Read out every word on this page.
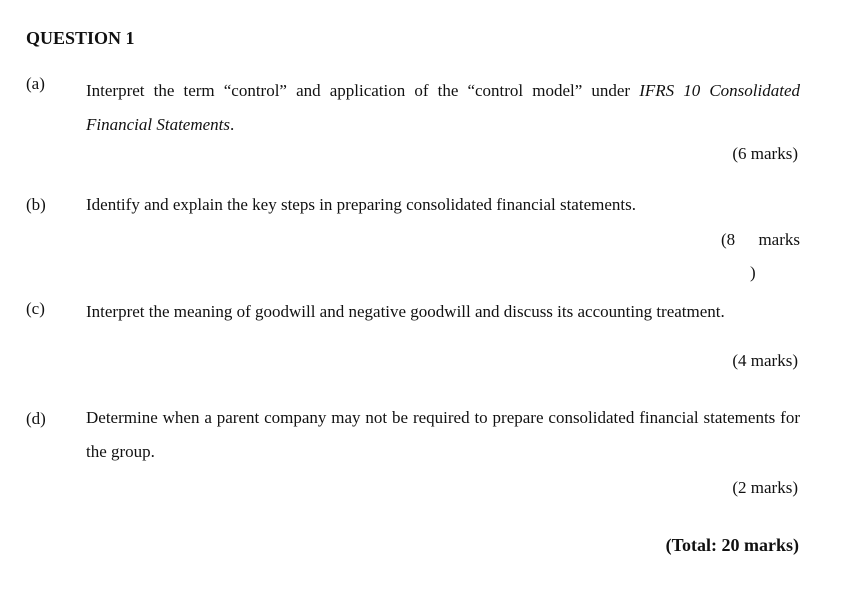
QUESTION 1
(a) Interpret the term “control” and application of the “control model” under IFRS 10 Consolidated Financial Statements.
(6 marks)
(b) Identify and explain the key steps in preparing consolidated financial statements.
(8 marks
)
(c) Interpret the meaning of goodwill and negative goodwill and discuss its accounting treatment.
(4 marks)
(d) Determine when a parent company may not be required to prepare consolidated financial statements for the group.
(2 marks)
(Total: 20 marks)
